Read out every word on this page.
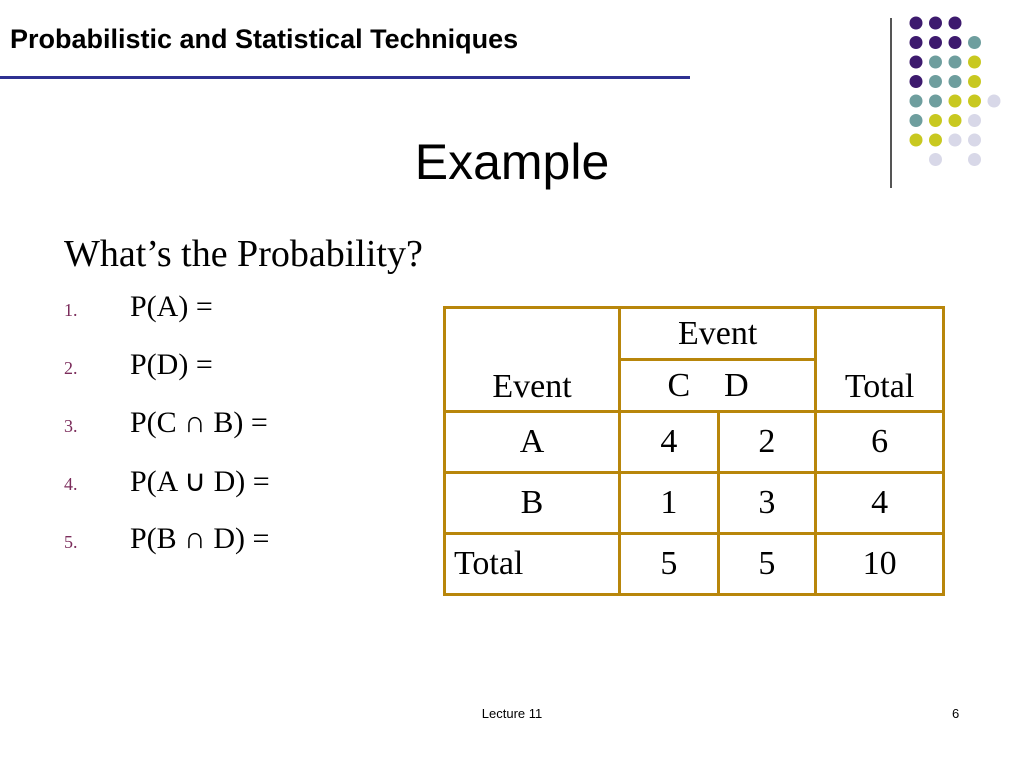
Probabilistic and Statistical Techniques
Example
What’s the Probability?
1. P(A) =
2. P(D) =
3. P(C ∩ B) =
4. P(A ∪ D) =
5. P(B ∩ D) =
Event	Event		Total
	C	D	
A	4	2	6
B	1	3	4
Total	5	5	10
Lecture 11	6
